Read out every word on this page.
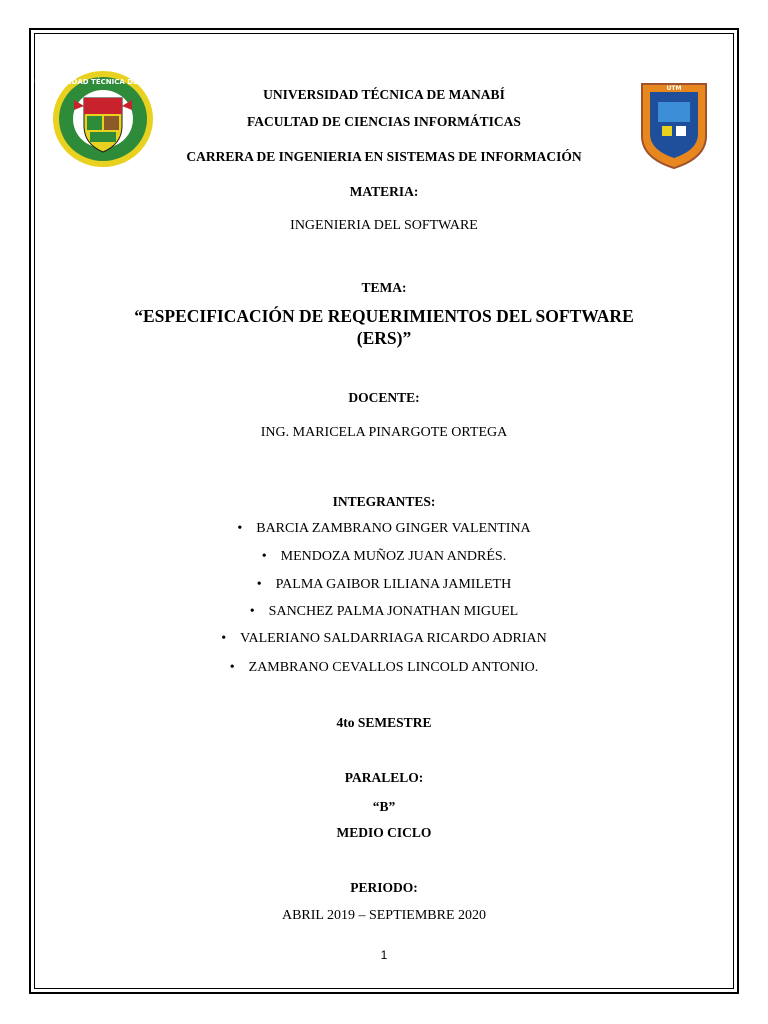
UNIVERSIDAD TÉCNICA DE MANABÍ
UTM
UNIVERSIDAD TÉCNICA DE MANABÍ
FACULTAD DE CIENCIAS INFORMÁTICAS
CARRERA DE INGENIERIA EN SISTEMAS DE INFORMACIÓN
MATERIA:
INGENIERIA DEL SOFTWARE
TEMA:
“ESPECIFICACIÓN DE REQUERIMIENTOS DEL SOFTWARE
(ERS)”
DOCENTE:
ING. MARICELA PINARGOTE ORTEGA
INTEGRANTES:
• BARCIA ZAMBRANO GINGER VALENTINA
• MENDOZA MUÑOZ JUAN ANDRÉS.
• PALMA GAIBOR LILIANA JAMILETH
• SANCHEZ PALMA JONATHAN MIGUEL
• VALERIANO SALDARRIAGA RICARDO ADRIAN
• ZAMBRANO CEVALLOS LINCOLD ANTONIO.
4to SEMESTRE
PARALELO:
“B”
MEDIO CICLO
PERIODO:
ABRIL 2019 – SEPTIEMBRE 2020
1
